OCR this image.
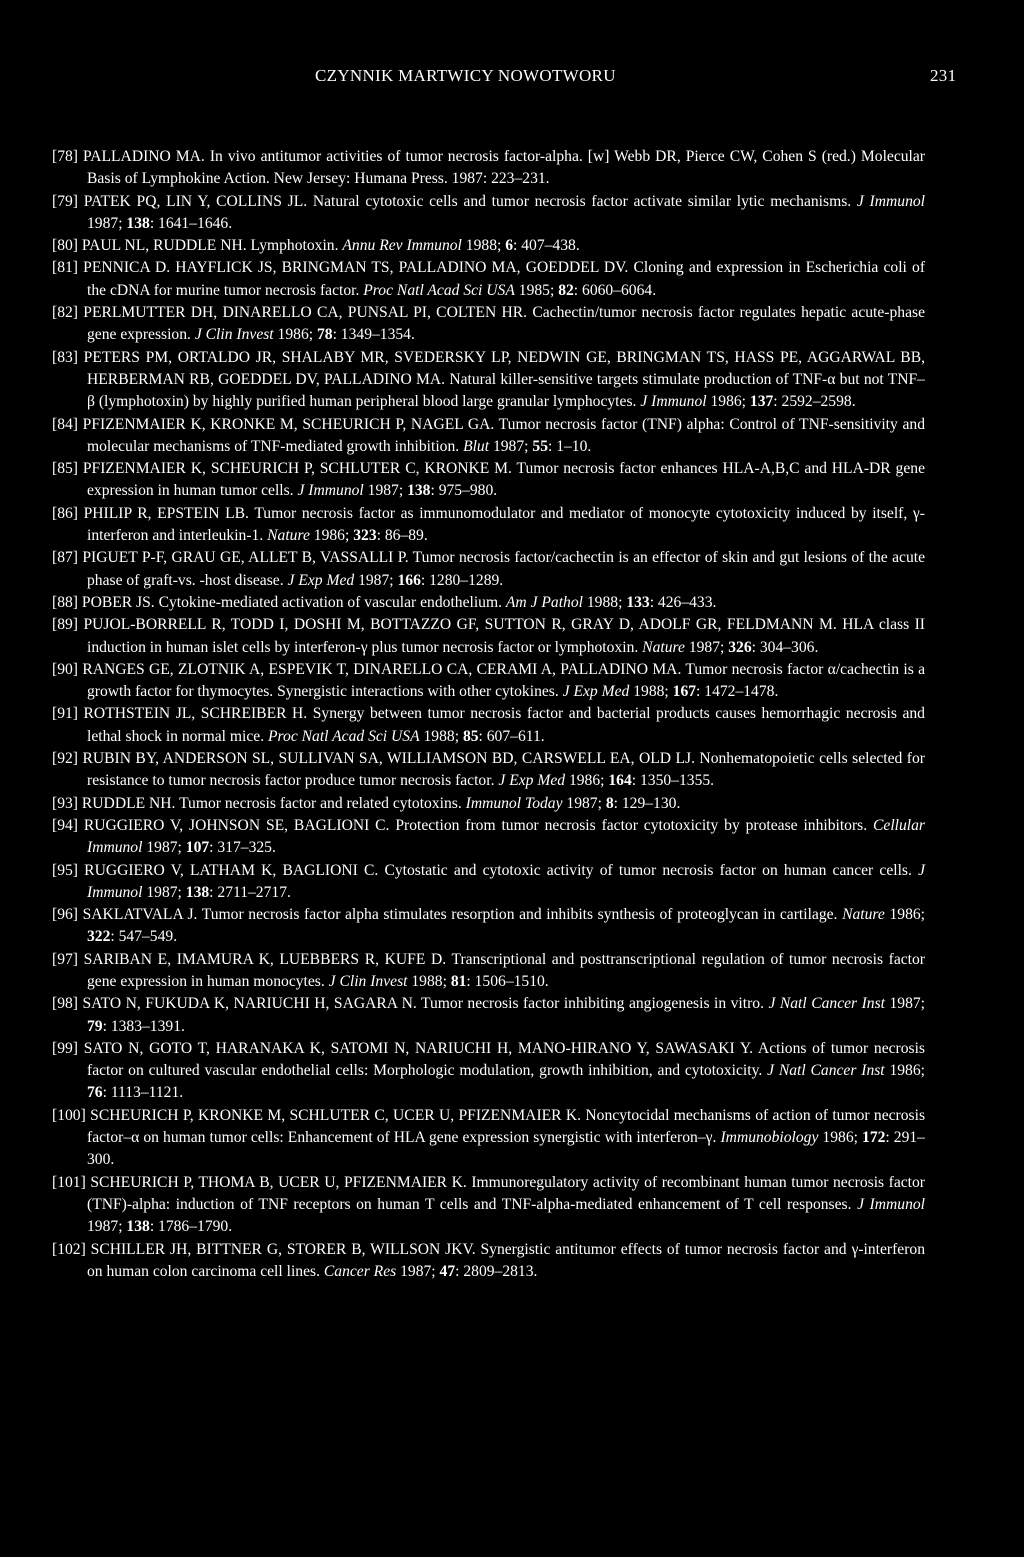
CZYNNIK MARTWICY NOWOTWORU	231

[78] PALLADINO MA. In vivo antitumor activities of tumor necrosis factor-alpha. [w] Webb DR, Pierce CW, Cohen S (red.) Molecular Basis of Lymphokine Action. New Jersey: Humana Press. 1987: 223–231.

[79] PATEK PQ, LIN Y, COLLINS JL. Natural cytotoxic cells and tumor necrosis factor activate similar lytic mechanisms. J Immunol 1987; 138: 1641–1646.

[80] PAUL NL, RUDDLE NH. Lymphotoxin. Annu Rev Immunol 1988; 6: 407–438.

[81] PENNICA D. HAYFLICK JS, BRINGMAN TS, PALLADINO MA, GOEDDEL DV. Cloning and expression in Escherichia coli of the cDNA for murine tumor necrosis factor. Proc Natl Acad Sci USA 1985; 82: 6060–6064.

[82] PERLMUTTER DH, DINARELLO CA, PUNSAL PI, COLTEN HR. Cachectin/tumor necrosis factor regulates hepatic acute-phase gene expression. J Clin Invest 1986; 78: 1349–1354.

[83] PETERS PM, ORTALDO JR, SHALABY MR, SVEDERSKY LP, NEDWIN GE, BRINGMAN TS, HASS PE, AGGARWAL BB, HERBERMAN RB, GOEDDEL DV, PALLADINO MA. Natural killer-sensitive targets stimulate production of TNF-α but not TNF–β (lymphotoxin) by highly purified human peripheral blood large granular lymphocytes. J Immunol 1986; 137: 2592–2598.

[84] PFIZENMAIER K, KRONKE M, SCHEURICH P, NAGEL GA. Tumor necrosis factor (TNF) alpha: Control of TNF-sensitivity and molecular mechanisms of TNF-mediated growth inhibition. Blut 1987; 55: 1–10.

[85] PFIZENMAIER K, SCHEURICH P, SCHLUTER C, KRONKE M. Tumor necrosis factor enhances HLA-A,B,C and HLA-DR gene expression in human tumor cells. J Immunol 1987; 138: 975–980.

[86] PHILIP R, EPSTEIN LB. Tumor necrosis factor as immunomodulator and mediator of monocyte cytotoxicity induced by itself, γ-interferon and interleukin-1. Nature 1986; 323: 86–89.

[87] PIGUET P-F, GRAU GE, ALLET B, VASSALLI P. Tumor necrosis factor/cachectin is an effector of skin and gut lesions of the acute phase of graft-vs. -host disease. J Exp Med 1987; 166: 1280–1289.

[88] POBER JS. Cytokine-mediated activation of vascular endothelium. Am J Pathol 1988; 133: 426–433.

[89] PUJOL-BORRELL R, TODD I, DOSHI M, BOTTAZZO GF, SUTTON R, GRAY D, ADOLF GR, FELDMANN M. HLA class II induction in human islet cells by interferon-γ plus tumor necrosis factor or lymphotoxin. Nature 1987; 326: 304–306.

[90] RANGES GE, ZLOTNIK A, ESPEVIK T, DINARELLO CA, CERAMI A, PALLADINO MA. Tumor necrosis factor α/cachectin is a growth factor for thymocytes. Synergistic interactions with other cytokines. J Exp Med 1988; 167: 1472–1478.

[91] ROTHSTEIN JL, SCHREIBER H. Synergy between tumor necrosis factor and bacterial products causes hemorrhagic necrosis and lethal shock in normal mice. Proc Natl Acad Sci USA 1988; 85: 607–611.

[92] RUBIN BY, ANDERSON SL, SULLIVAN SA, WILLIAMSON BD, CARSWELL EA, OLD LJ. Nonhematopoietic cells selected for resistance to tumor necrosis factor produce tumor necrosis factor. J Exp Med 1986; 164: 1350–1355.

[93] RUDDLE NH. Tumor necrosis factor and related cytotoxins. Immunol Today 1987; 8: 129–130.

[94] RUGGIERO V, JOHNSON SE, BAGLIONI C. Protection from tumor necrosis factor cytotoxicity by protease inhibitors. Cellular Immunol 1987; 107: 317–325.

[95] RUGGIERO V, LATHAM K, BAGLIONI C. Cytostatic and cytotoxic activity of tumor necrosis factor on human cancer cells. J Immunol 1987; 138: 2711–2717.

[96] SAKLATVALA J. Tumor necrosis factor alpha stimulates resorption and inhibits synthesis of proteoglycan in cartilage. Nature 1986; 322: 547–549.

[97] SARIBAN E, IMAMURA K, LUEBBERS R, KUFE D. Transcriptional and posttranscriptional regulation of tumor necrosis factor gene expression in human monocytes. J Clin Invest 1988; 81: 1506–1510.

[98] SATO N, FUKUDA K, NARIUCHI H, SAGARA N. Tumor necrosis factor inhibiting angiogenesis in vitro. J Natl Cancer Inst 1987; 79: 1383–1391.

[99] SATO N, GOTO T, HARANAKA K, SATOMI N, NARIUCHI H, MANO-HIRANO Y, SAWASAKI Y. Actions of tumor necrosis factor on cultured vascular endothelial cells: Morphologic modulation, growth inhibition, and cytotoxicity. J Natl Cancer Inst 1986; 76: 1113–1121.

[100] SCHEURICH P, KRONKE M, SCHLUTER C, UCER U, PFIZENMAIER K. Noncytocidal mechanisms of action of tumor necrosis factor–α on human tumor cells: Enhancement of HLA gene expression synergistic with interferon–γ. Immunobiology 1986; 172: 291–300.

[101] SCHEURICH P, THOMA B, UCER U, PFIZENMAIER K. Immunoregulatory activity of recombinant human tumor necrosis factor (TNF)-alpha: induction of TNF receptors on human T cells and TNF-alpha-mediated enhancement of T cell responses. J Immunol 1987; 138: 1786–1790.

[102] SCHILLER JH, BITTNER G, STORER B, WILLSON JKV. Synergistic antitumor effects of tumor necrosis factor and γ-interferon on human colon carcinoma cell lines. Cancer Res 1987; 47: 2809–2813.
